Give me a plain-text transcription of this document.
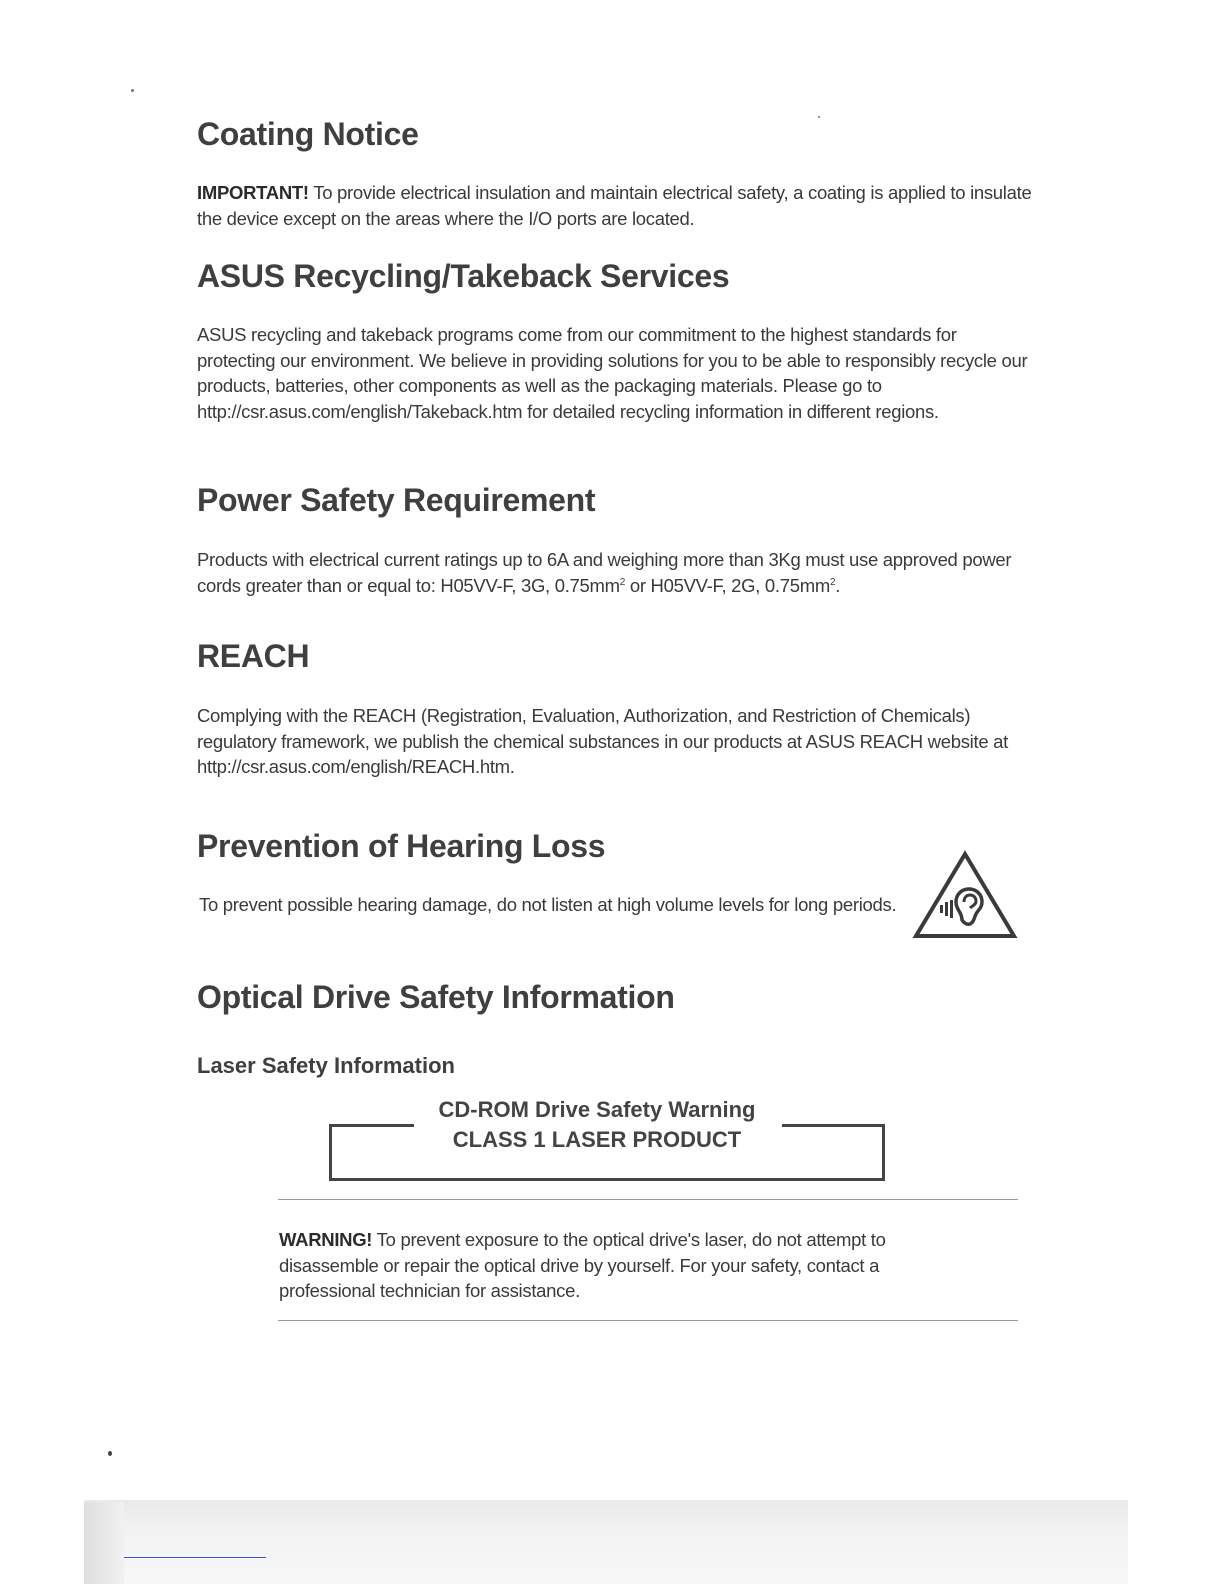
Coating Notice

IMPORTANT! To provide electrical insulation and maintain electrical safety, a coating is applied to insulate the device except on the areas where the I/O ports are located.

ASUS Recycling/Takeback Services

ASUS recycling and takeback programs come from our commitment to the highest standards for protecting our environment. We believe in providing solutions for you to be able to responsibly recycle our products, batteries, other components as well as the packaging materials. Please go to http://csr.asus.com/english/Takeback.htm for detailed recycling information in different regions.

Power Safety Requirement

Products with electrical current ratings up to 6A and weighing more than 3Kg must use approved power cords greater than or equal to: H05VV-F, 3G, $0.75mm^2$ or H05VV-F, 2G, $0.75mm^2$.

REACH

Complying with the REACH (Registration, Evaluation, Authorization, and Restriction of Chemicals) regulatory framework, we publish the chemical substances in our products at ASUS REACH website at http://csr.asus.com/english/REACH.htm.

Prevention of Hearing Loss

To prevent possible hearing damage, do not listen at high volume levels for long periods.

Optical Drive Safety Information
Laser Safety Information

CD-ROM Drive Safety Warning

CLASS 1 LASER PRODUCT

WARNING! To prevent exposure to the optical drive's laser, do not attempt to disassemble or repair the optical drive by yourself. For your safety, contact a professional technician for assistance.
